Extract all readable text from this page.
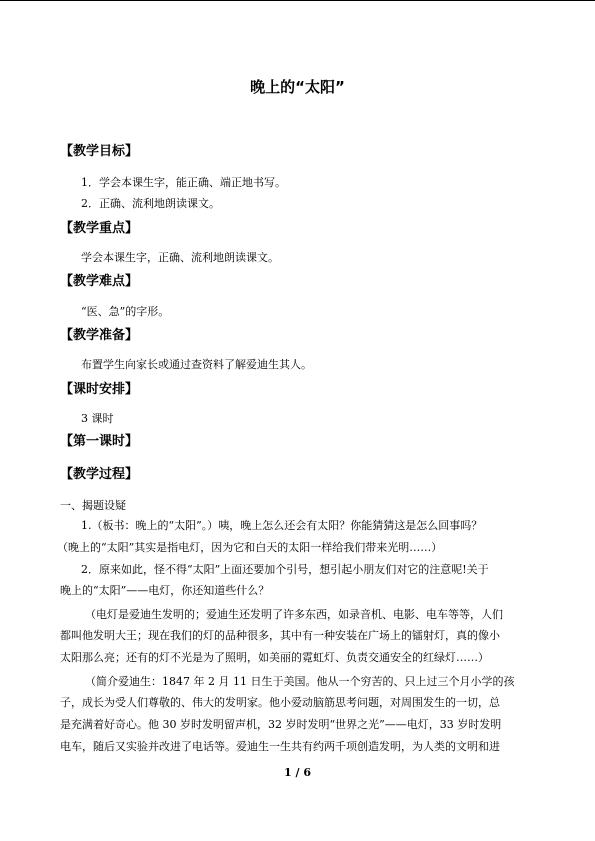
晚上的“太阳”
【教学目标】
1．学会本课生字，能正确、端正地书写。
2．正确、流利地朗读课文。
【教学重点】
学会本课生字，正确、流利地朗读课文。
【教学难点】
“医、急”的字形。
【教学准备】
布置学生向家长或通过查资料了解爱迪生其人。
【课时安排】
3 课时
【第一课时】
【教学过程】
一、揭题设疑
1.（板书：晚上的“太阳”。）咦，晚上怎么还会有太阳？你能猜猜这是怎么回事吗？
（晚上的“太阳”其实是指电灯，因为它和白天的太阳一样给我们带来光明……）
2．原来如此，怪不得“太阳”上面还要加个引号，想引起小朋友们对它的注意呢!关于
晚上的“太阳”——电灯，你还知道些什么？
（电灯是爱迪生发明的；爱迪生还发明了许多东西，如录音机、电影、电车等等，人们
都叫他发明大王；现在我们的灯的品种很多，其中有一种安装在广场上的镭射灯，真的像小
太阳那么亮；还有的灯不光是为了照明，如美丽的霓虹灯、负责交通安全的红绿灯……）
（简介爱迪生：1847 年 2 月 11 日生于美国。他从一个穷苦的、只上过三个月小学的孩
子，成长为受人们尊敬的、伟大的发明家。他小爱动脑筋思考问题，对周围发生的一切，总
是充满着好奇心。他 30 岁时发明留声机，32 岁时发明“世界之光”——电灯，33 岁时发明
电车，随后又实验并改进了电话等。爱迪生一生共有约两千项创造发明，为人类的文明和进
1 / 6
